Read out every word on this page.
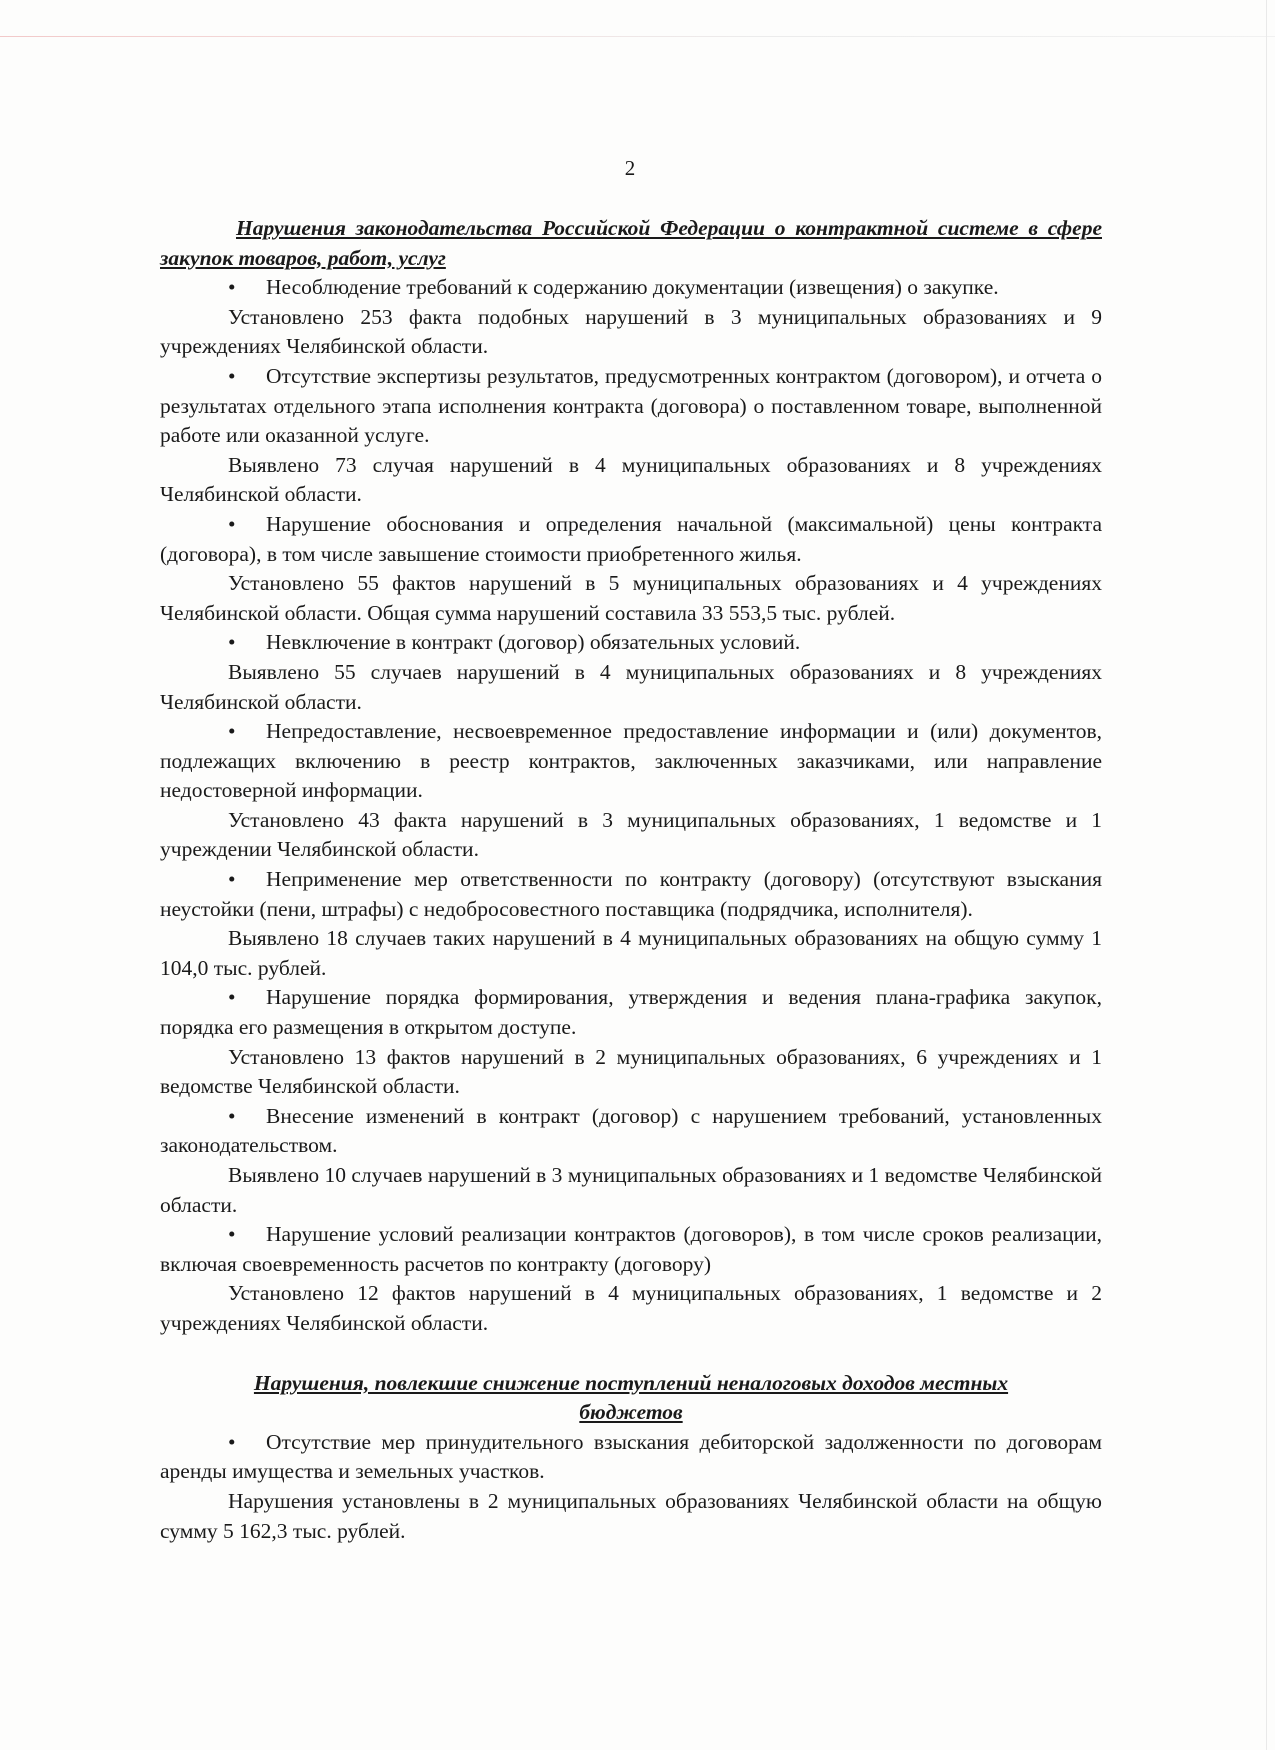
2

Нарушения законодательства Российской Федерации о контрактной системе в сфере закупок товаров, работ, услуг

• Несоблюдение требований к содержанию документации (извещения) о закупке.

Установлено 253 факта подобных нарушений в 3 муниципальных образованиях и 9 учреждениях Челябинской области.

• Отсутствие экспертизы результатов, предусмотренных контрактом (договором), и отчета о результатах отдельного этапа исполнения контракта (договора) о поставленном товаре, выполненной работе или оказанной услуге.

Выявлено 73 случая нарушений в 4 муниципальных образованиях и 8 учреждениях Челябинской области.

• Нарушение обоснования и определения начальной (максимальной) цены контракта (договора), в том числе завышение стоимости приобретенного жилья.

Установлено 55 фактов нарушений в 5 муниципальных образованиях и 4 учреждениях Челябинской области. Общая сумма нарушений составила 33 553,5 тыс. рублей.

• Невключение в контракт (договор) обязательных условий.

Выявлено 55 случаев нарушений в 4 муниципальных образованиях и 8 учреждениях Челябинской области.

• Непредоставление, несвоевременное предоставление информации и (или) документов, подлежащих включению в реестр контрактов, заключенных заказчиками, или направление недостоверной информации.

Установлено 43 факта нарушений в 3 муниципальных образованиях, 1 ведомстве и 1 учреждении Челябинской области.

• Неприменение мер ответственности по контракту (договору) (отсутствуют взыскания неустойки (пени, штрафы) с недобросовестного поставщика (подрядчика, исполнителя).

Выявлено 18 случаев таких нарушений в 4 муниципальных образованиях на общую сумму 1 104,0 тыс. рублей.

• Нарушение порядка формирования, утверждения и ведения плана-графика закупок, порядка его размещения в открытом доступе.

Установлено 13 фактов нарушений в 2 муниципальных образованиях, 6 учреждениях и 1 ведомстве Челябинской области.

• Внесение изменений в контракт (договор) с нарушением требований, установленных законодательством.

Выявлено 10 случаев нарушений в 3 муниципальных образованиях и 1 ведомстве Челябинской области.

• Нарушение условий реализации контрактов (договоров), в том числе сроков реализации, включая своевременность расчетов по контракту (договору)

Установлено 12 фактов нарушений в 4 муниципальных образованиях, 1 ведомстве и 2 учреждениях Челябинской области.

Нарушения, повлекшие снижение поступлений неналоговых доходов местных бюджетов

• Отсутствие мер принудительного взыскания дебиторской задолженности по договорам аренды имущества и земельных участков.

Нарушения установлены в 2 муниципальных образованиях Челябинской области на общую сумму 5 162,3 тыс. рублей.
